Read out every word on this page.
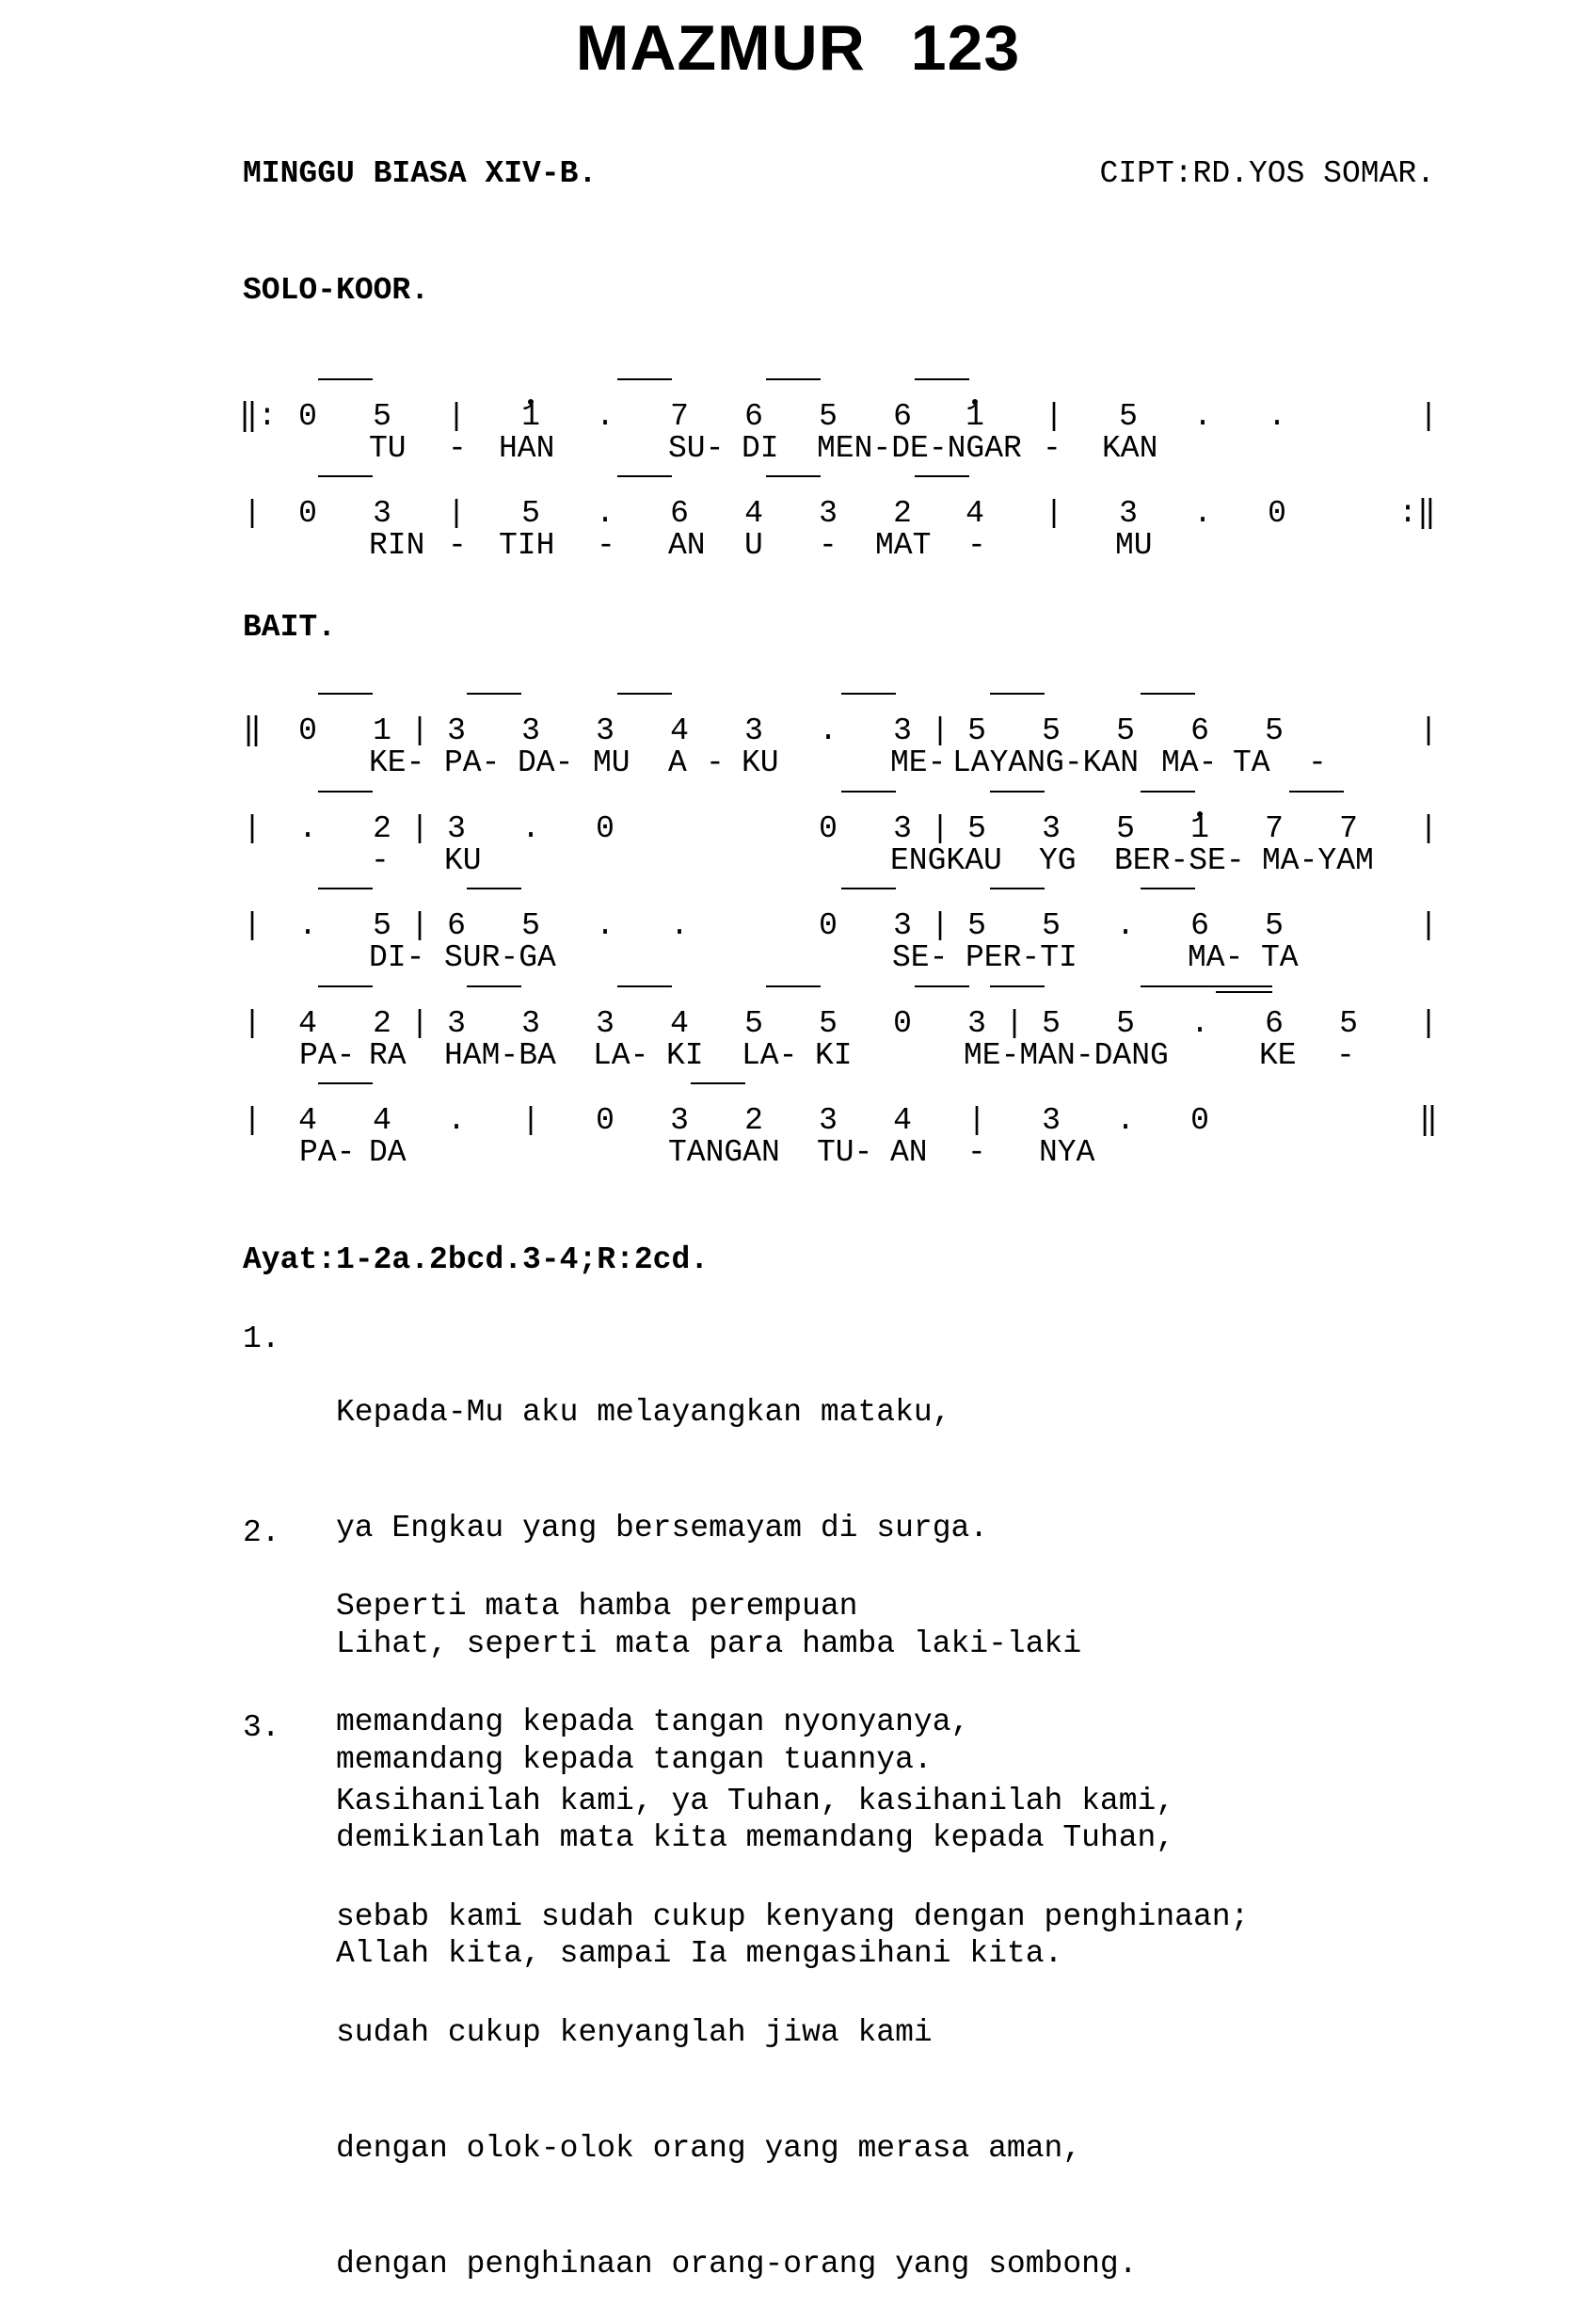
MAZMUR 123
MINGGU BIASA XIV-B.	CIPT:RD.YOS SOMAR.
SOLO-KOOR.
‖: 0	5	|	1	.	7	6	5	6	1	|	5	.	.	|
TU - HAN	SU- DI MEN-DE-NGAR - KAN
|	0	3	|	5	.	6	4	3	2	4	|	3	.	0	:‖
RIN - TIH - AN U - MAT -	MU
BAIT.
‖	0	1 | 3	3	3	4	3	.	3 | 5	5	5	6	5	|
KE- PA- DA- MU A - KU	ME- LAYANG-KAN MA- TA -
|	.	2 | 3	.	0	0	3 | 5	3	5	1	7	7	|
- KU	ENGKAU YG BER-SE- MA-YAM
|	.	5 | 6	5	.	.	0	3 | 5	5	.	6	5	|
DI- SUR-GA	SE- PER-TI	MA- TA
|	4	2 | 3	3	3	4	5	5	0	3 | 5	5	.	6	5	|
PA- RA HAM-BA LA- KI LA- KI	ME-MAN-DANG	KE -
|	4	4	.	|	0	3	2	3	4	|	3	.	0	‖
PA- DA	TANGAN TU- AN - NYA
Ayat:1-2a.2bcd.3-4;R:2cd.
1.

Kepada-Mu aku melayangkan mataku,

ya Engkau yang bersemayam di surga.

Lihat, seperti mata para hamba laki-laki

memandang kepada tangan tuannya.

2.

Seperti mata hamba perempuan

memandang kepada tangan nyonyanya,

demikianlah mata kita memandang kepada Tuhan,

Allah kita, sampai Ia mengasihani kita.

3.

Kasihanilah kami, ya Tuhan, kasihanilah kami,

sebab kami sudah cukup kenyang dengan penghinaan;

sudah cukup kenyanglah jiwa kami

dengan olok-olok orang yang merasa aman,

dengan penghinaan orang-orang yang sombong.
